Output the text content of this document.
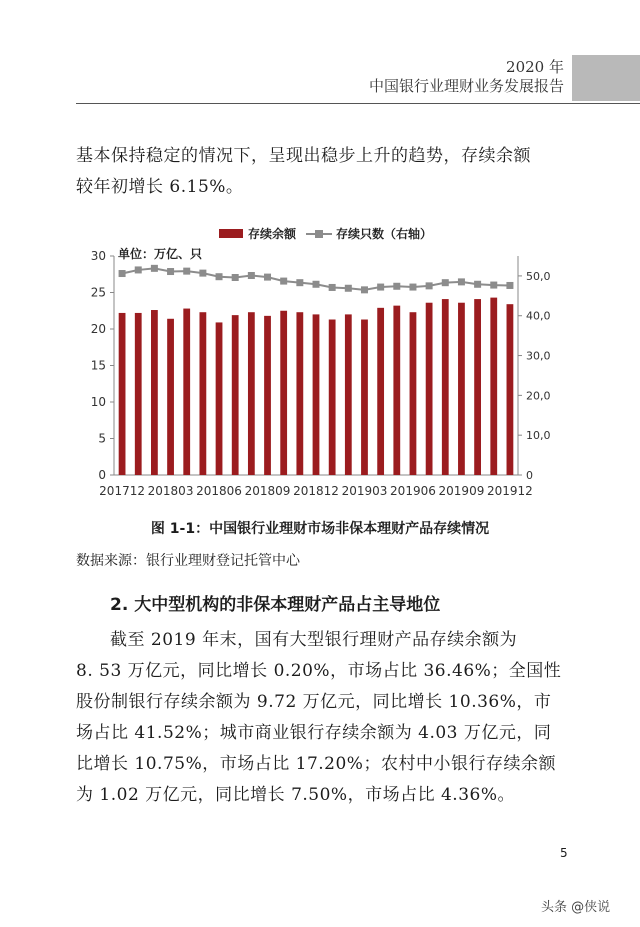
2020 年
中国银行业理财业务发展报告
基本保持稳定的情况下，呈现出稳步上升的趋势，存续余额
较年初增长 6.15%。
存续余额	存续只数（右轴）
单位：万亿、只
0
5
10
15
20
25
30
0
10,0
20,0
30,0
40,0
50,0
201712 201803 201806 201809 201812 201903 201906 201909 201912
图 1-1：中国银行业理财市场非保本理财产品存续情况
数据来源：银行业理财登记托管中心
2. 大中型机构的非保本理财产品占主导地位
截至 2019 年末，国有大型银行理财产品存续余额为
8. 53 万亿元，同比增长 0.20%，市场占比 36.46%；全国性
股份制银行存续余额为 9.72 万亿元，同比增长 10.36%，市
场占比 41.52%；城市商业银行存续余额为 4.03 万亿元，同
比增长 10.75%，市场占比 17.20%；农村中小银行存续余额
为 1.02 万亿元，同比增长 7.50%，市场占比 4.36%。
5
头条 @侠说
